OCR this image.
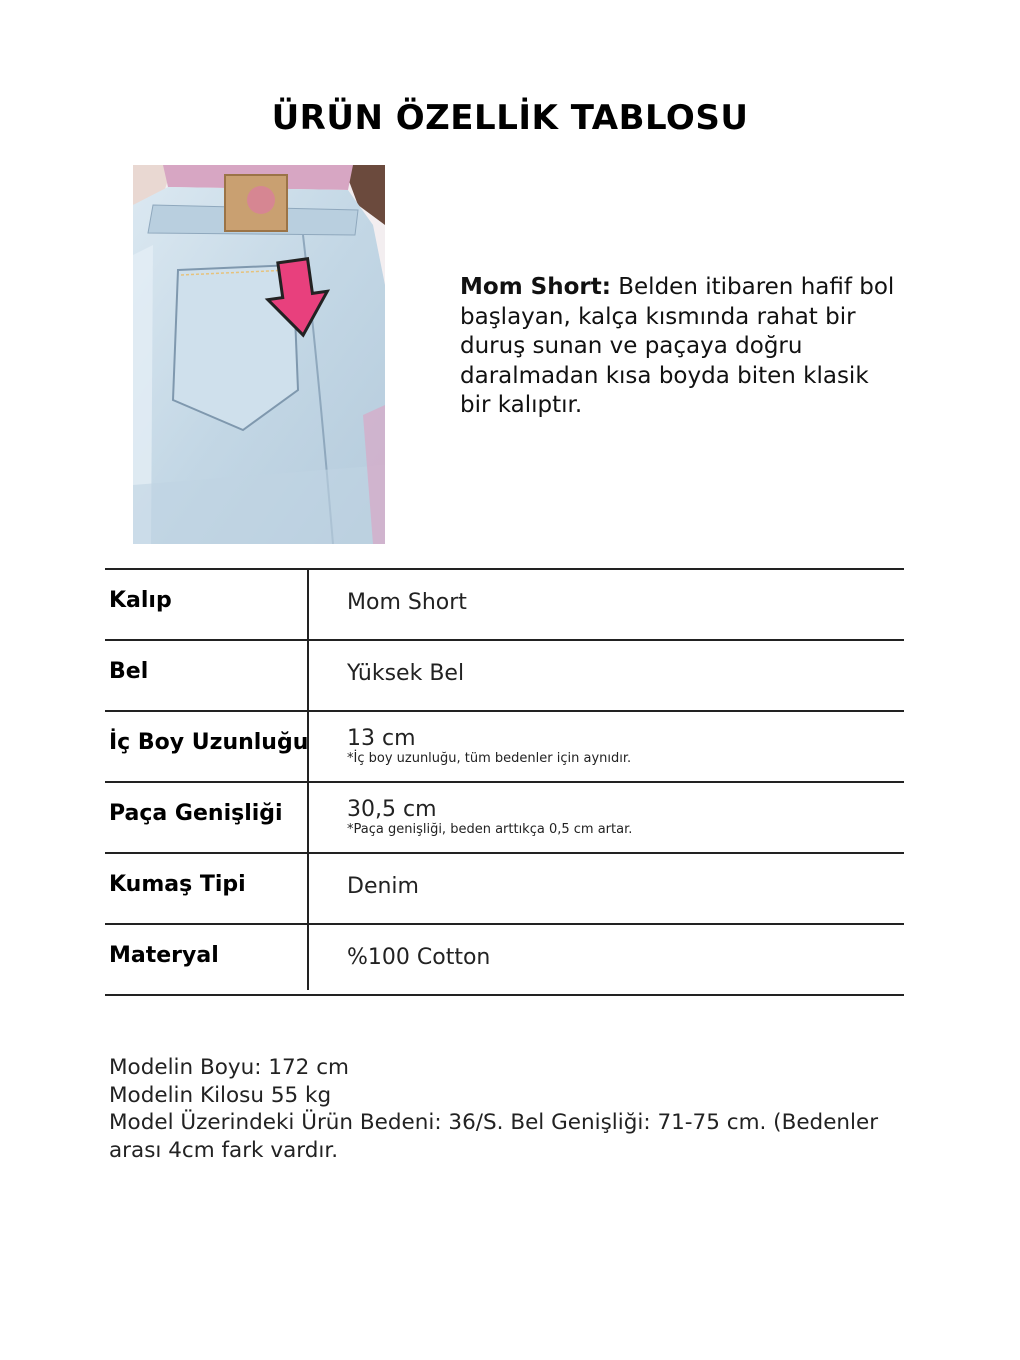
ÜRÜN ÖZELLİK TABLOSU
Mom Short: Belden itibaren hafif bol başlayan, kalça kısmında rahat bir duruş sunan ve paçaya doğru daralmadan kısa boyda biten klasik bir kalıptır.
Kalıp	Mom Short
Bel	Yüksek Bel
İç Boy Uzunluğu 13 cm
*İç boy uzunluğu, tüm bedenler için aynıdır.
Paça Genişliği	30,5 cm
*Paça genişliği, beden arttıkça 0,5 cm artar.
Kumaş Tipi	Denim
Materyal	%100 Cotton
Modelin Boyu: 172 cm
Modelin Kilosu 55 kg
Model Üzerindeki Ürün Bedeni: 36/S. Bel Genişliği: 71-75 cm. (Bedenler arası 4cm fark vardır.
